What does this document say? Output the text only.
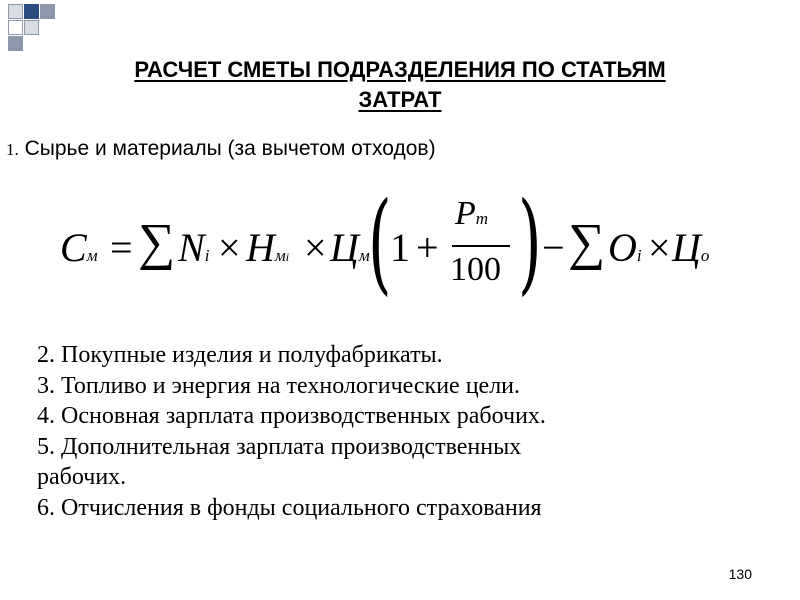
РАСЧЕТ СМЕТЫ ПОДРАЗДЕЛЕНИЯ ПО СТАТЬЯМ
ЗАТРАТ
1. Сырье и материалы (за вычетом отходов)
См = ∑ Ni × Нмi × Цм
(
1 +
Pm
100 ) − ∑ Oi × Цо
2. Покупные изделия и полуфабрикаты.
3. Топливо и энергия на технологические цели.
4. Основная зарплата производственных рабочих.
5. Дополнительная зарплата производственных
рабочих.
6. Отчисления в фонды социального страхования
130
